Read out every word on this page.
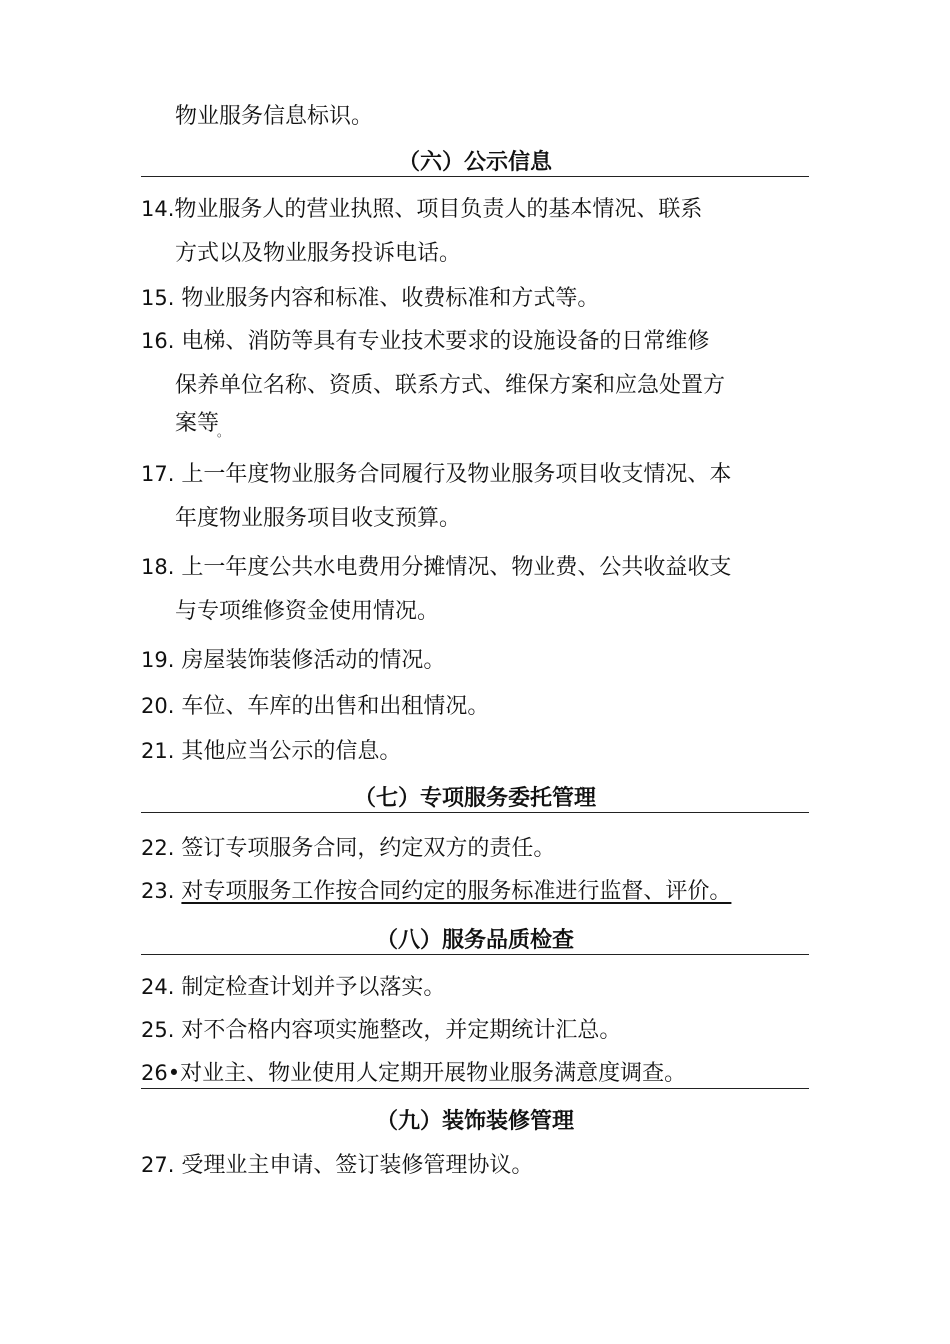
物业服务信息标识。
（六）公示信息
14.物业服务人的营业执照、项目负责人的基本情况、联系
方式以及物业服务投诉电话。
15. 物业服务内容和标准、收费标准和方式等。
16. 电梯、消防等具有专业技术要求的设施设备的日常维修
保养单位名称、资质、联系方式、维保方案和应急处置方
案等$_。$
17. 上一年度物业服务合同履行及物业服务项目收支情况、本
年度物业服务项目收支预算。
18. 上一年度公共水电费用分摊情况、物业费、公共收益收支
与专项维修资金使用情况。
19. 房屋装饰装修活动的情况。
20. 车位、车库的出售和出租情况。
21. 其他应当公示的信息。
（七）专项服务委托管理
22. 签订专项服务合同，约定双方的责任。
23. 对专项服务工作按合同约定的服务标准进行监督、评价。
（八）服务品质检查
24. 制定检查计划并予以落实。
25. 对不合格内容项实施整改，并定期统计汇总。
26•对业主、物业使用人定期开展物业服务满意度调查。
（九）装饰装修管理
27. 受理业主申请、签订装修管理协议。
